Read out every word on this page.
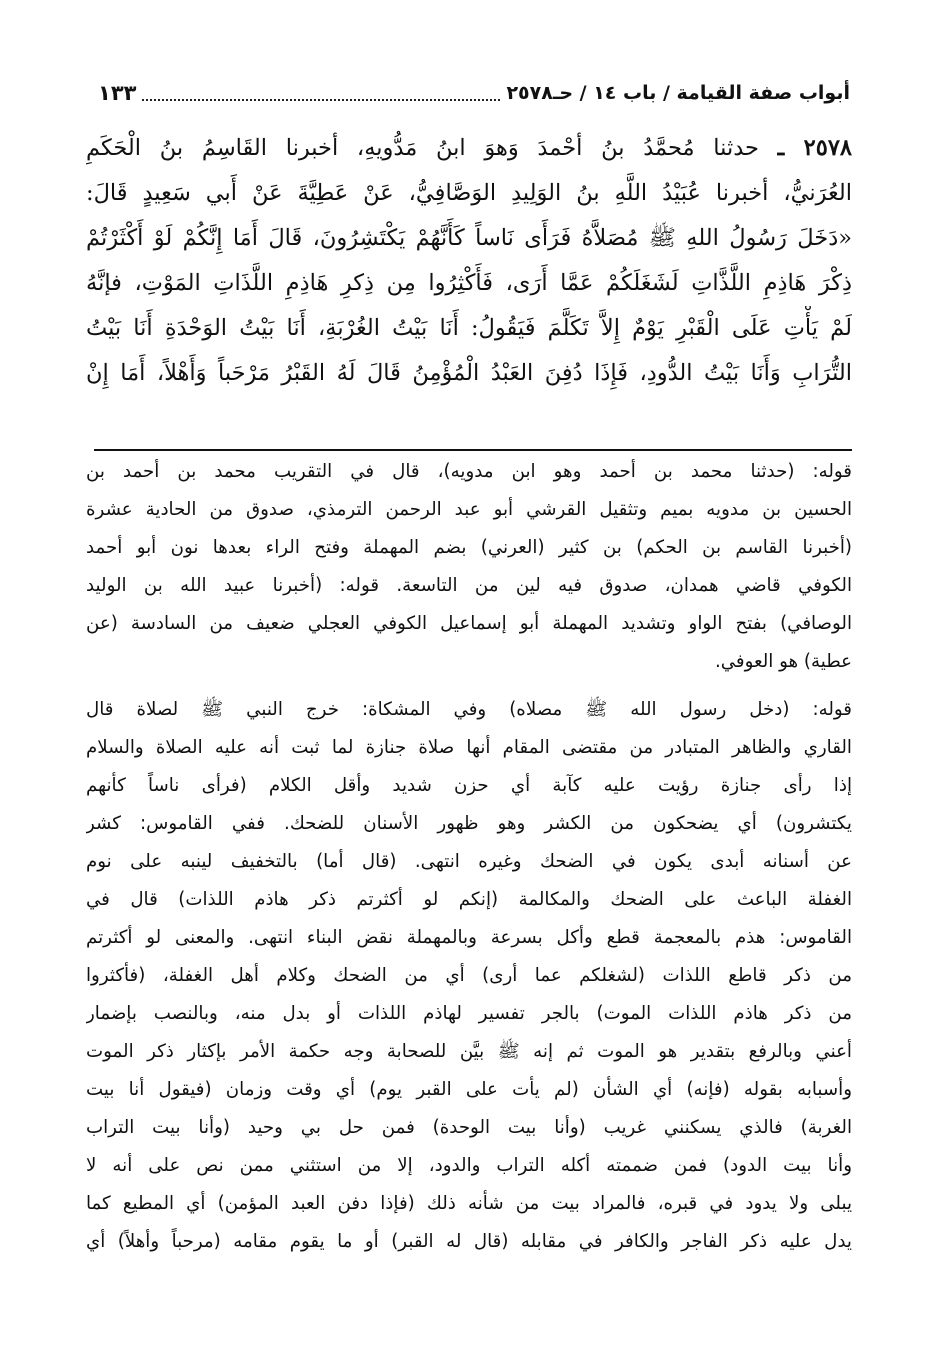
أبواب صفة القيامة / باب ١٤ / حـ٢٥٧٨
١٣٣
٢٥٧٨ ـ حدثنا مُحمَّدُ بنُ أحْمدَ وَهوَ ابنُ مَدُّويهِ، أخبرنا القَاسِمُ بنُ الْحَكَمِ
العُرَنيُّ، أخبرنا عُبَيْدُ اللَّهِ بنُ الوَلِيدِ الوَصَّافِيُّ، عَنْ عَطِيَّةَ عَنْ أَبي سَعِيدٍ قَالَ:
«دَخَلَ رَسُولُ اللهِ ﷺ مُصَلاَّهُ فَرَأَى نَاساً كَأَنَّهُمْ يَكْتَشِرُونَ، قَالَ أَمَا إِنَّكُمْ لَوْ أَكْثَرْتُمْ
ذِكْرَ هَاذِمِ اللَّذَّاتِ لَشَغَلَكُمْ عَمَّا أَرَى، فَأَكْثِرُوا مِن ذِكرِ هَاذِمِ اللَّذَاتِ المَوْتِ، فإنَّهُ
لَمْ يَأْتِ عَلَى الْقَبْرِ يَوْمٌ إِلاَّ تَكَلَّمَ فَيَقُولُ: أَنَا بَيْتُ الغُرْبَةِ، أَنَا بَيْتُ الوَحْدَةِ أَنَا بَيْتُ
التُّرَابِ وَأَنَا بَيْتُ الدُّودِ، فَإِذَا دُفِنَ العَبْدُ الْمُؤْمِنُ قَالَ لَهُ القَبْرُ مَرْحَباً وَأَهْلاً، أَمَا إِنْ
قوله: (حدثنا محمد بن أحمد وهو ابن مدويه)، قال في التقريب محمد بن أحمد بن
الحسين بن مدويه بميم وتثقيل القرشي أبو عبد الرحمن الترمذي، صدوق من الحادية عشرة
(أخبرنا القاسم بن الحكم) بن كثير (العرني) بضم المهملة وفتح الراء بعدها نون أبو أحمد
الكوفي قاضي همدان، صدوق فيه لين من التاسعة. قوله: (أخبرنا عبيد الله بن الوليد
الوصافي) بفتح الواو وتشديد المهملة أبو إسماعيل الكوفي العجلي ضعيف من السادسة (عن
عطية) هو العوفي.
قوله: (دخل رسول الله ﷺ مصلاه) وفي المشكاة: خرج النبي ﷺ لصلاة قال
القاري والظاهر المتبادر من مقتضى المقام أنها صلاة جنازة لما ثبت أنه عليه الصلاة والسلام
إذا رأى جنازة رؤيت عليه كآبة أي حزن شديد وأقل الكلام (فرأى ناساً كأنهم
يكتشرون) أي يضحكون من الكشر وهو ظهور الأسنان للضحك. ففي القاموس: كشر
عن أسنانه أبدى يكون في الضحك وغيره انتهى. (قال أما) بالتخفيف لينبه على نوم
الغفلة الباعث على الضحك والمكالمة (إنكم لو أكثرتم ذكر هاذم اللذات) قال في
القاموس: هذم بالمعجمة قطع وأكل بسرعة وبالمهملة نقض البناء انتهى. والمعنى لو أكثرتم
من ذكر قاطع اللذات (لشغلكم عما أرى) أي من الضحك وكلام أهل الغفلة، (فأكثروا
من ذكر هاذم اللذات الموت) بالجر تفسير لهاذم اللذات أو بدل منه، وبالنصب بإضمار
أعني وبالرفع بتقدير هو الموت ثم إنه ﷺ بيَّن للصحابة وجه حكمة الأمر بإكثار ذكر الموت
وأسبابه بقوله (فإنه) أي الشأن (لم يأت على القبر يوم) أي وقت وزمان (فيقول أنا بيت
الغربة) فالذي يسكنني غريب (وأنا بيت الوحدة) فمن حل بي وحيد (وأنا بيت التراب
وأنا بيت الدود) فمن ضممته أكله التراب والدود، إلا من استثني ممن نص على أنه لا
يبلى ولا يدود في قبره، فالمراد بيت من شأنه ذلك (فإذا دفن العبد المؤمن) أي المطيع كما
يدل عليه ذكر الفاجر والكافر في مقابله (قال له القبر) أو ما يقوم مقامه (مرحباً وأهلاً) أي
